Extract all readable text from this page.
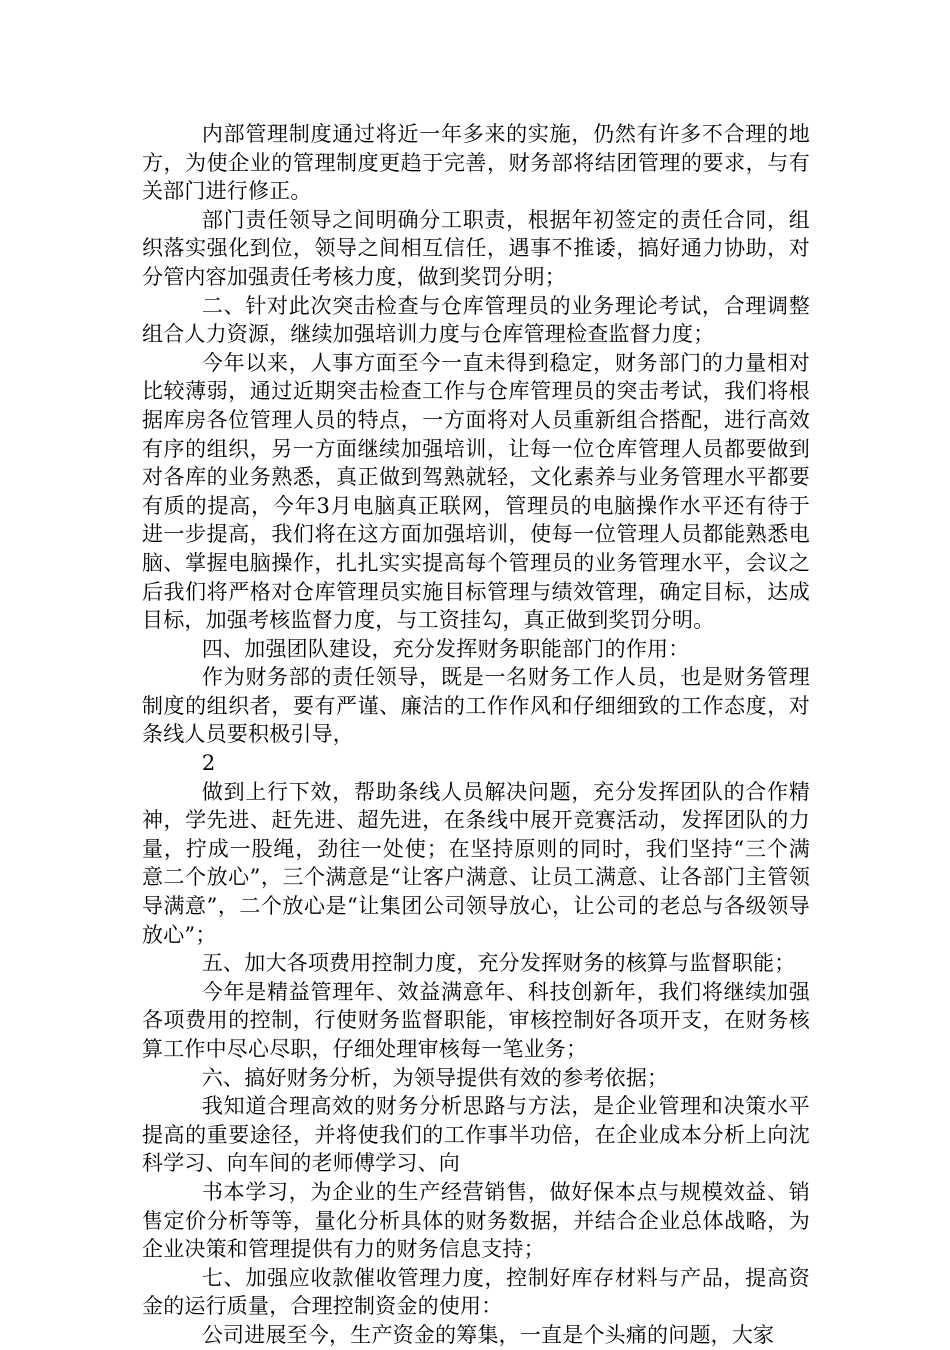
内部管理制度通过将近一年多来的实施，仍然有许多不合理的地方，为使企业的管理制度更趋于完善，财务部将结团管理的要求，与有关部门进行修正。

部门责任领导之间明确分工职责，根据年初签定的责任合同，组织落实强化到位，领导之间相互信任，遇事不推诿，搞好通力协助，对分管内容加强责任考核力度，做到奖罚分明；

二、针对此次突击检查与仓库管理员的业务理论考试，合理调整组合人力资源，继续加强培训力度与仓库管理检查监督力度；

今年以来，人事方面至今一直未得到稳定，财务部门的力量相对比较薄弱，通过近期突击检查工作与仓库管理员的突击考试，我们将根据库房各位管理人员的特点，一方面将对人员重新组合搭配，进行高效有序的组织，另一方面继续加强培训，让每一位仓库管理人员都要做到对各库的业务熟悉，真正做到驾熟就轻，文化素养与业务管理水平都要有质的提高，今年3月电脑真正联网，管理员的电脑操作水平还有待于进一步提高，我们将在这方面加强培训，使每一位管理人员都能熟悉电脑、掌握电脑操作，扎扎实实提高每个管理员的业务管理水平，会议之后我们将严格对仓库管理员实施目标管理与绩效管理，确定目标，达成目标，加强考核监督力度，与工资挂勾，真正做到奖罚分明。

四、加强团队建设，充分发挥财务职能部门的作用：

作为财务部的责任领导，既是一名财务工作人员，也是财务管理制度的组织者，要有严谨、廉洁的工作作风和仔细细致的工作态度，对条线人员要积极引导，

2

做到上行下效，帮助条线人员解决问题，充分发挥团队的合作精神，学先进、赶先进、超先进，在条线中展开竞赛活动，发挥团队的力量，拧成一股绳，劲往一处使；在坚持原则的同时，我们坚持“三个满意二个放心”，三个满意是“让客户满意、让员工满意、让各部门主管领导满意”，二个放心是“让集团公司领导放心，让公司的老总与各级领导放心”；

五、加大各项费用控制力度，充分发挥财务的核算与监督职能；

今年是精益管理年、效益满意年、科技创新年，我们将继续加强各项费用的控制，行使财务监督职能，审核控制好各项开支，在财务核算工作中尽心尽职，仔细处理审核每一笔业务；

六、搞好财务分析，为领导提供有效的参考依据；

我知道合理高效的财务分析思路与方法，是企业管理和决策水平提高的重要途径，并将使我们的工作事半功倍，在企业成本分析上向沈科学习、向车间的老师傅学习、向

书本学习，为企业的生产经营销售，做好保本点与规模效益、销售定价分析等等，量化分析具体的财务数据，并结合企业总体战略，为企业决策和管理提供有力的财务信息支持；

七、加强应收款催收管理力度，控制好库存材料与产品，提高资金的运行质量，合理控制资金的使用：

公司进展至今，生产资金的筹集，一直是个头痛的问题，大家
